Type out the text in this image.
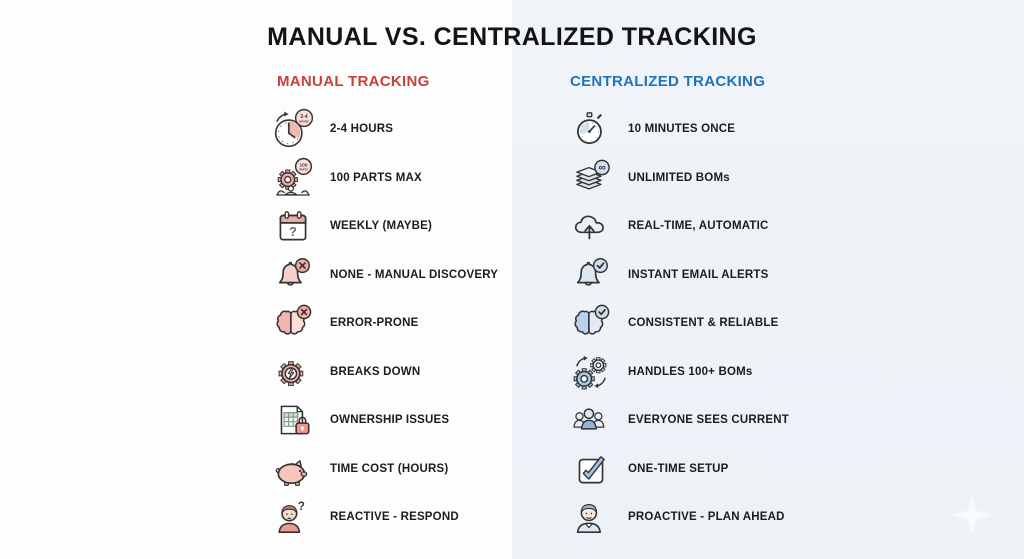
MANUAL VS. CENTRALIZED TRACKING
MANUAL TRACKING
2-4
HOURS
2-4 HOURS
100
PARTS
100 PARTS MAX
?	WEEKLY (MAYBE)
NONE - MANUAL DISCOVERY
ERROR-PRONE
BREAKS DOWN
OWNERSHIP ISSUES
TIME COST (HOURS)
?
REACTIVE - RESPOND
CENTRALIZED TRACKING
10 MINUTES ONCE
∞
UNLIMITED BOMs
REAL-TIME, AUTOMATIC
INSTANT EMAIL ALERTS
CONSISTENT & RELIABLE
HANDLES 100+ BOMs
EVERYONE SEES CURRENT
ONE-TIME SETUP
PROACTIVE - PLAN AHEAD
